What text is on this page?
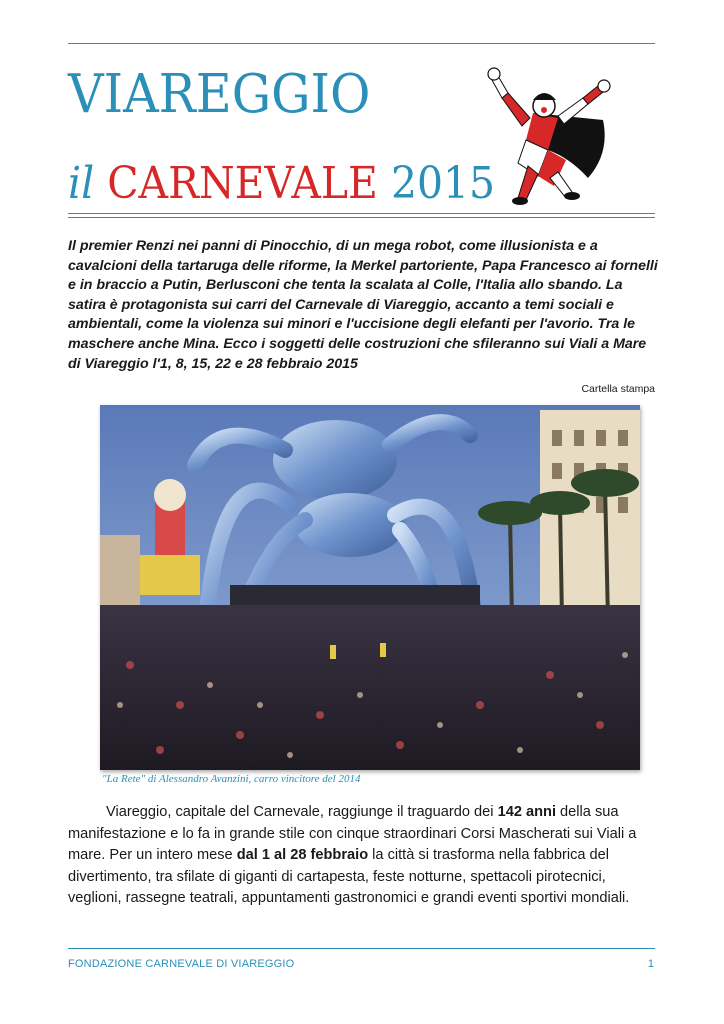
VIAREGGIO
il CARNEVALE 2015

Il premier Renzi nei panni di Pinocchio, di un mega robot, come illusionista e a cavalcioni della tartaruga delle riforme, la Merkel partoriente, Papa Francesco ai fornelli e in braccio a Putin, Berlusconi che tenta la scalata al Colle, l'Italia allo sbando. La satira è protagonista sui carri del Carnevale di Viareggio, accanto a temi sociali e ambientali, come la violenza sui minori e l'uccisione degli elefanti per l'avorio. Tra le maschere anche Mina. Ecco i soggetti delle costruzioni che sfileranno sui Viali a Mare di Viareggio l'1, 8, 15, 22 e 28 febbraio 2015

Cartella stampa
"La Rete" di Alessandro Avanzini, carro vincitore del 2014

Viareggio, capitale del Carnevale, raggiunge il traguardo dei 142 anni della sua manifestazione e lo fa in grande stile con cinque straordinari Corsi Mascherati sui Viali a mare. Per un intero mese dal 1 al 28 febbraio la città si trasforma nella fabbrica del divertimento, tra sfilate di giganti di cartapesta, feste notturne, spettacoli pirotecnici, veglioni, rassegne teatrali, appuntamenti gastronomici e grandi eventi sportivi mondiali.

FONDAZIONE CARNEVALE DI VIAREGGIO	1
